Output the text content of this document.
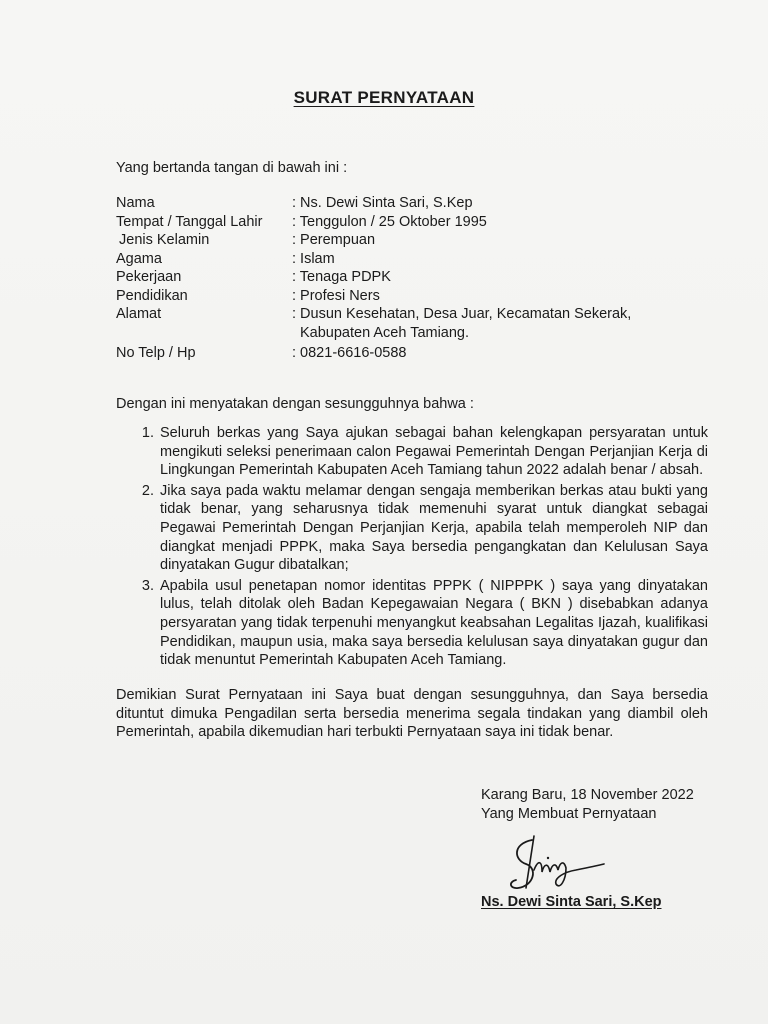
SURAT PERNYATAAN
Yang bertanda tangan di bawah ini :
Nama	: Ns. Dewi Sinta Sari, S.Kep
Tempat / Tanggal Lahir	: Tenggulon / 25 Oktober 1995
Jenis Kelamin	: Perempuan
Agama	: Islam
Pekerjaan	: Tenaga PDPK
Pendidikan	: Profesi Ners
Alamat	: Dusun Kesehatan, Desa Juar, Kecamatan Sekerak,
Kabupaten Aceh Tamiang.
No Telp / Hp	: 0821-6616-0588
Dengan ini menyatakan dengan sesungguhnya bahwa :
1. Seluruh berkas yang Saya ajukan sebagai bahan kelengkapan persyaratan untuk mengikuti seleksi penerimaan calon Pegawai Pemerintah Dengan Perjanjian Kerja di Lingkungan Pemerintah Kabupaten Aceh Tamiang tahun 2022 adalah benar / absah.
2. Jika saya pada waktu melamar dengan sengaja memberikan berkas atau bukti yang tidak benar, yang seharusnya tidak memenuhi syarat untuk diangkat sebagai Pegawai Pemerintah Dengan Perjanjian Kerja, apabila telah memperoleh NIP dan diangkat menjadi PPPK, maka Saya bersedia pengangkatan dan Kelulusan Saya dinyatakan Gugur dibatalkan;
3. Apabila usul penetapan nomor identitas PPPK ( NIPPPK ) saya yang dinyatakan lulus, telah ditolak oleh Badan Kepegawaian Negara ( BKN ) disebabkan adanya persyaratan yang tidak terpenuhi menyangkut keabsahan Legalitas Ijazah, kualifikasi Pendidikan, maupun usia, maka saya bersedia kelulusan saya dinyatakan gugur dan tidak menuntut Pemerintah Kabupaten Aceh Tamiang.
Demikian Surat Pernyataan ini Saya buat dengan sesungguhnya, dan Saya bersedia dituntut dimuka Pengadilan serta bersedia menerima segala tindakan yang diambil oleh Pemerintah, apabila dikemudian hari terbukti Pernyataan saya ini tidak benar.
Karang Baru, 18 November 2022
Yang Membuat Pernyataan
Ns. Dewi Sinta Sari, S.Kep
